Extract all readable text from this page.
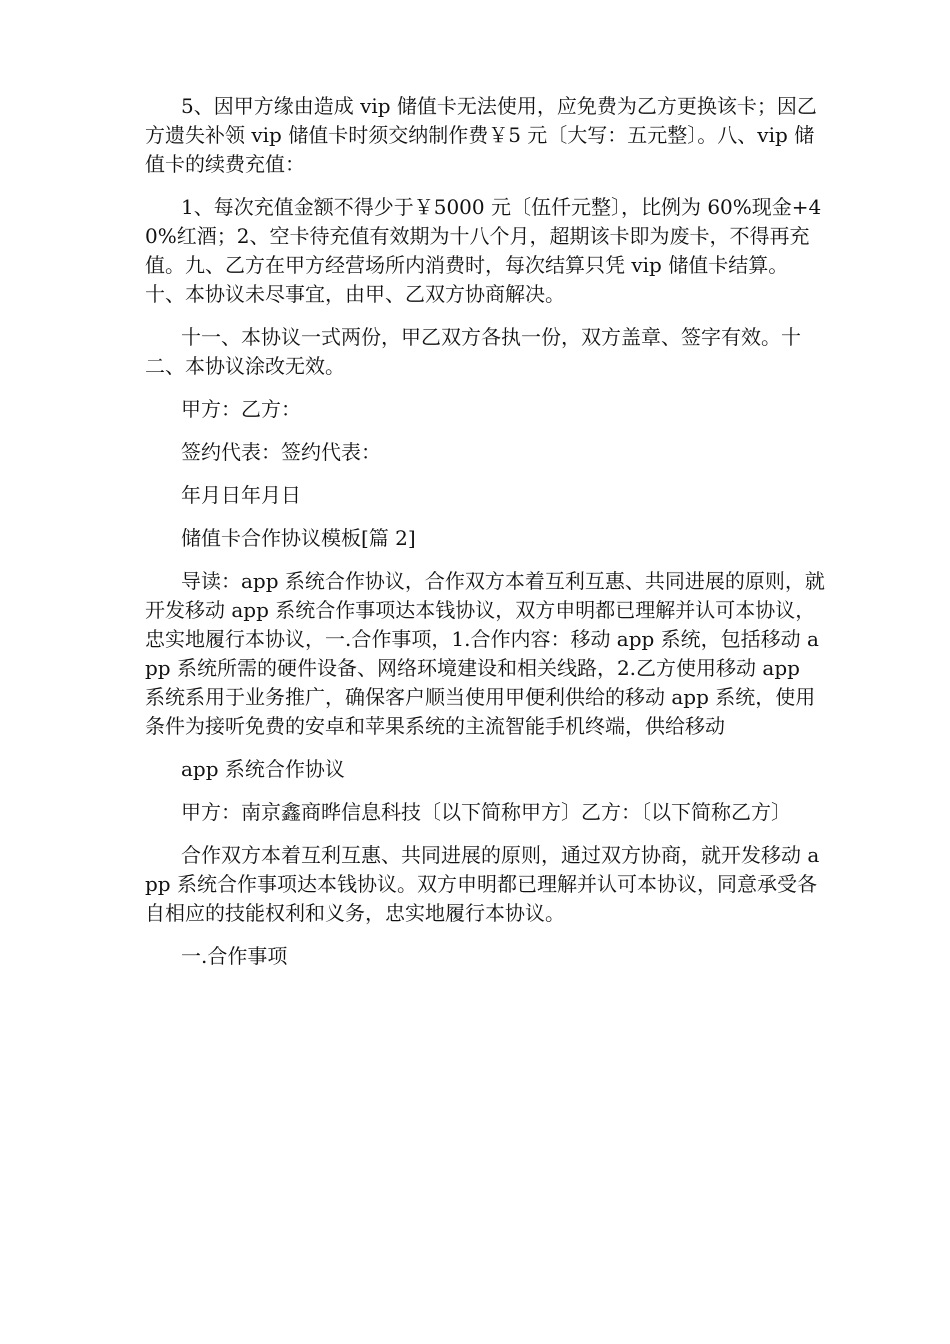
5、因甲方缘由造成 vip 储值卡无法使用，应免费为乙方更换该卡；因乙方遗失补领 vip 储值卡时须交纳制作费￥5 元〔大写：五元整〕。八、vip 储值卡的续费充值：

1、每次充值金额不得少于￥5000 元〔伍仟元整〕，比例为 60%现金+40%红酒；2、空卡待充值有效期为十八个月，超期该卡即为废卡，不得再充值。九、乙方在甲方经营场所内消费时，每次结算只凭 vip 储值卡结算。十、本协议未尽事宜，由甲、乙双方协商解决。

十一、本协议一式两份，甲乙双方各执一份，双方盖章、签字有效。十二、本协议涂改无效。

甲方：乙方：

签约代表：签约代表：

年月日年月日

储值卡合作协议模板[篇 2]

导读：app 系统合作协议，合作双方本着互利互惠、共同进展的原则，就开发移动 app 系统合作事项达本钱协议，双方申明都已理解并认可本协议，忠实地履行本协议，一.合作事项，1.合作内容：移动 app 系统，包括移动 app 系统所需的硬件设备、网络环境建设和相关线路，2.乙方使用移动 app 系统系用于业务推广，确保客户顺当使用甲便利供给的移动 app 系统，使用条件为接听免费的安卓和苹果系统的主流智能手机终端，供给移动

app 系统合作协议

甲方：南京鑫商晔信息科技〔以下简称甲方〕乙方：〔以下简称乙方〕

合作双方本着互利互惠、共同进展的原则，通过双方协商，就开发移动 app 系统合作事项达本钱协议。双方申明都已理解并认可本协议，同意承受各自相应的技能权利和义务，忠实地履行本协议。

一.合作事项
